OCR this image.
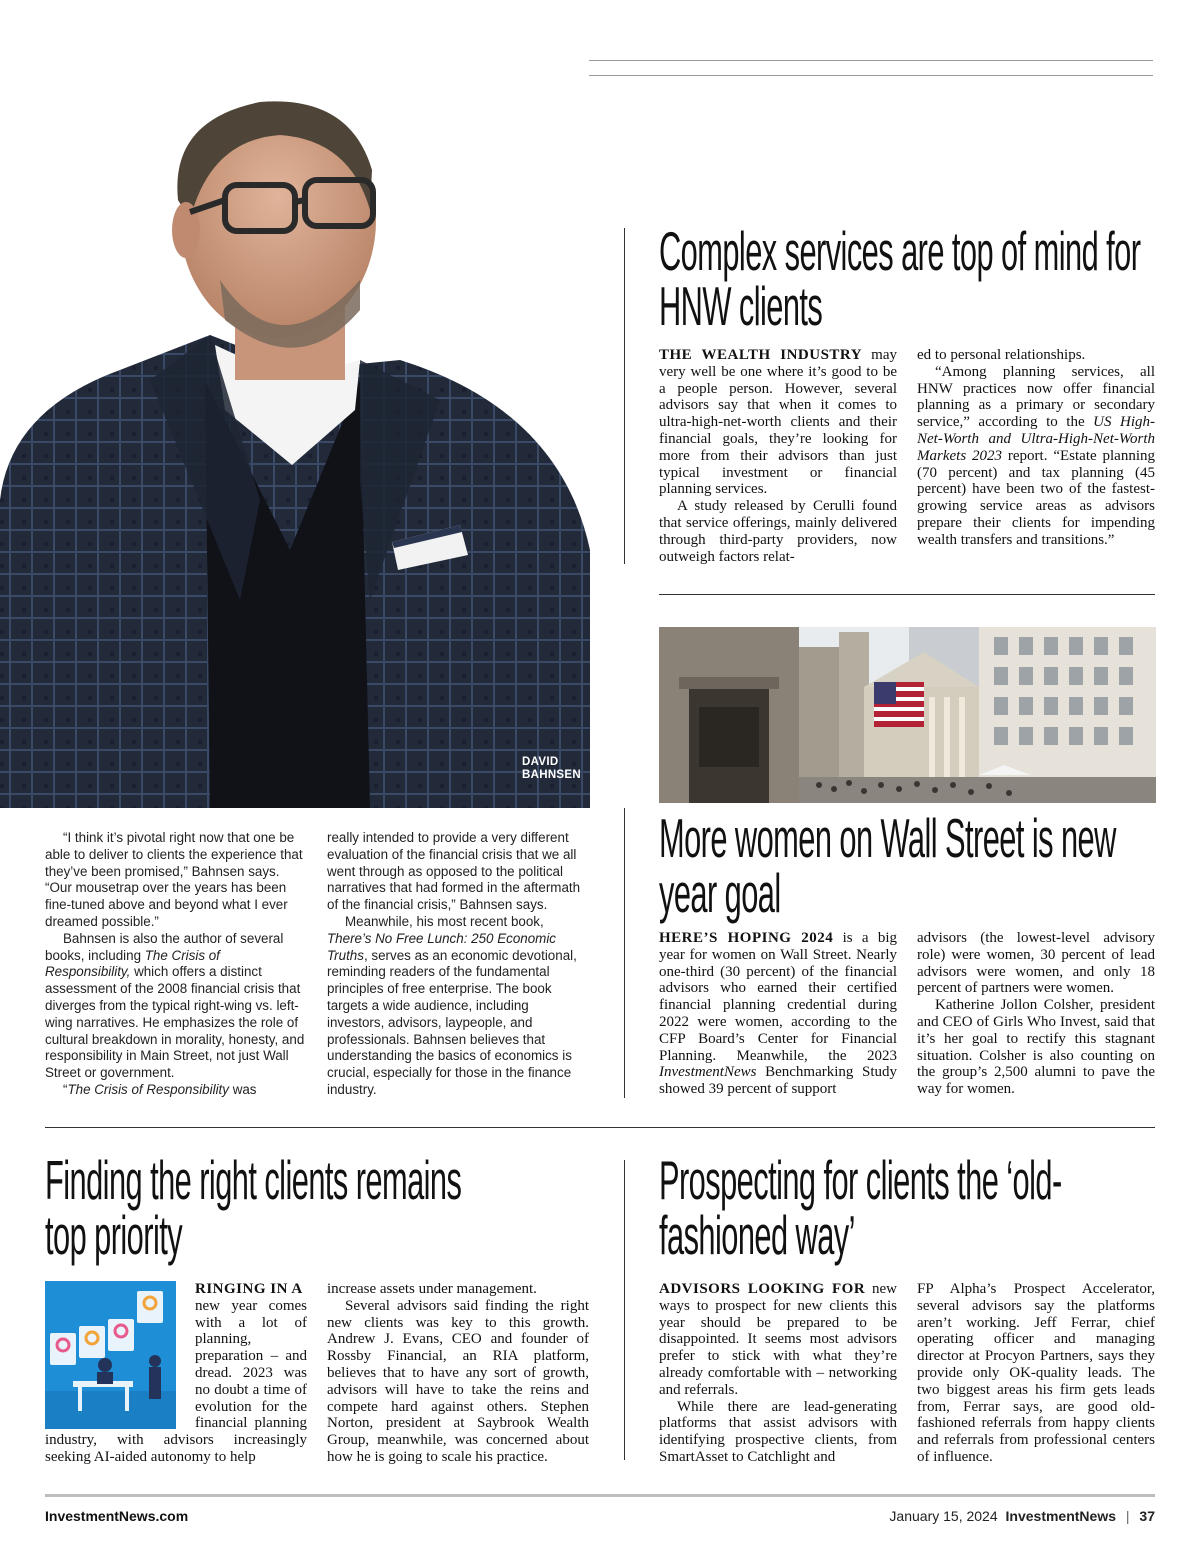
DAVID
BAHNSEN
Complex services are top of mind for
HNW clients

THE WEALTH INDUSTRY may very well be one where it’s good to be a people person. However, several advisors say that when it comes to ultra-high-net-worth clients and their financial goals, they’re looking for more from their advisors than just typical investment or financial planning services.

A study released by Cerulli found that service offerings, mainly delivered through third-party providers, now outweigh factors relat-

ed to personal relationships.

“Among planning services, all HNW practices now offer financial planning as a primary or secondary service,” according to the US High-Net-Worth and Ultra-High-Net-Worth Markets 2023 report. “Estate planning (70 percent) and tax planning (45 percent) have been two of the fastest-growing service areas as advisors prepare their clients for impending wealth transfers and transitions.”

More women on Wall Street is new
year goal

HERE’S HOPING 2024 is a big year for women on Wall Street. Nearly one-third (30 percent) of the financial advisors who earned their certified financial planning credential during 2022 were women, according to the CFP Board’s Center for Financial Planning. Meanwhile, the 2023 InvestmentNews Benchmarking Study showed 39 percent of support

advisors (the lowest-level advisory role) were women, 30 percent of lead advisors were women, and only 18 percent of partners were women.

Katherine Jollon Colsher, president and CEO of Girls Who Invest, said that it’s her goal to rectify this stagnant situation. Colsher is also counting on the group’s 2,500 alumni to pave the way for women.

“I think it’s pivotal right now that one be able to deliver to clients the experience that they’ve been promised,” Bahnsen says. “Our mousetrap over the years has been fine-tuned above and beyond what I ever dreamed possible.”

Bahnsen is also the author of several books, including The Crisis of Responsibility, which offers a distinct assessment of the 2008 financial crisis that diverges from the typical right-wing vs. left-wing narratives. He emphasizes the role of cultural breakdown in morality, honesty, and responsibility in Main Street, not just Wall Street or government.

“The Crisis of Responsibility was

really intended to provide a very different evaluation of the financial crisis that we all went through as opposed to the political narratives that had formed in the aftermath of the financial crisis,” Bahnsen says.

Meanwhile, his most recent book, There’s No Free Lunch: 250 Economic Truths, serves as an economic devotional, reminding readers of the fundamental principles of free enterprise. The book targets a wide audience, including investors, advisors, laypeople, and professionals. Bahnsen believes that understanding the basics of economics is crucial, especially for those in the finance industry.

Finding the right clients remains
top priority

RINGING IN A

new year comes with a lot of planning, preparation – and dread. 2023 was no doubt a time of evolution for the financial planning industry, with advisors increasingly seeking AI-aided autonomy to help

increase assets under management.

Several advisors said finding the right new clients was key to this growth. Andrew J. Evans, CEO and founder of Rossby Financial, an RIA platform, believes that to have any sort of growth, advisors will have to take the reins and compete hard against others. Stephen Norton, president at Saybrook Wealth Group, meanwhile, was concerned about how he is going to scale his practice.

Prospecting for clients the ‘old-
fashioned way’

ADVISORS LOOKING FOR new ways to prospect for new clients this year should be prepared to be disappointed. It seems most advisors prefer to stick with what they’re already comfortable with – networking and referrals.

While there are lead-generating platforms that assist advisors with identifying prospective clients, from SmartAsset to Catchlight and

FP Alpha’s Prospect Accelerator, several advisors say the platforms aren’t working. Jeff Ferrar, chief operating officer and managing director at Procyon Partners, says they provide only OK-quality leads. The two biggest areas his firm gets leads from, Ferrar says, are good old-fashioned referrals from happy clients and referrals from professional centers of influence.

InvestmentNews.com	January 15, 2024 InvestmentNews | 37
